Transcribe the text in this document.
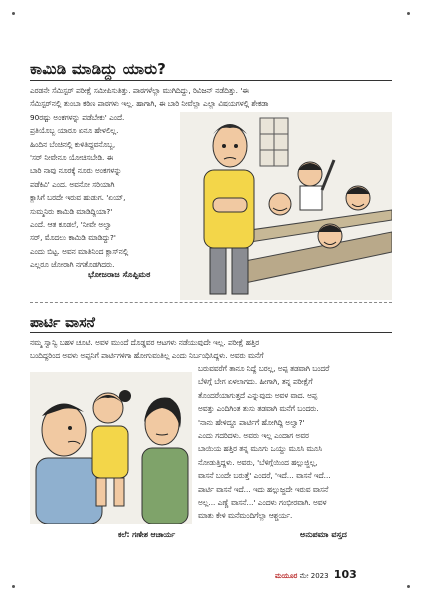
ಕಾಮಿಡಿ ಮಾಡಿದ್ದು ಯಾರು?
ಎರಡನೇ ಸೆಮಿಸ್ಟರ್ ಪರೀಕ್ಷೆ ಸಮೀಪಿಸುತಿತ್ತು. ಪಾಠಗಳೆಲ್ಲಾ ಮುಗಿದಿದ್ದು, ರಿವಿಜನ್ ನಡೆದಿತ್ತು. 'ಈ
ಸೆಮಿಸ್ಟರ್‌ನಲ್ಲಿ ತುಂಬಾ ಕಠಿಣ ಪಾಠಗಳು ಇಲ್ಲ. ಹಾಗಾಗಿ, ಈ ಬಾರಿ ನೀವೆಲ್ಲಾ ಎಲ್ಲಾ ವಿಷಯಗಳಲ್ಲಿ ಶೇಕಡಾ
90ರಷ್ಟು ಅಂಕಗಳನ್ನು ಪಡೆಬೇಕು' ಎಂದೆ.
ಪ್ರತಿಯೊಬ್ಬ ಯಾರೂ ಏನೂ ಹೇಳಲಿಲ್ಲ.
ಹಿಂದಿನ ಬೆಂಚಿನಲ್ಲಿ ಕುಳಿತಿದ್ದವನೊಬ್ಬ,
'ಸರ್ ನೀವೇನೂ ಯೋಚಿಸಬೇಡಿ. ಈ
ಬಾರಿ ನಾವು ನೂರಕ್ಕೆ ನೂರು ಅಂಕಗಳನ್ನು
ಪಡೆಕಿವಿ' ಎಂದ. ಅವನೋ ಸರಿಯಾಗಿ
ಕ್ಲಾಸಿಗೆ ಬರದೇ ಇರುವ ಹುಡುಗ. 'ಏಯ್,
ಸುಮ್ಮನಿರು ಕಾಮಿಡಿ ಮಾಡಿದ್ದಿಯಾ?'
ಎಂದೆ. ಆತ ಕೂಡಲೆ, 'ನೀವೇ ಅಲ್ವಾ
ಸರ್, ಮೊದಲು ಕಾಮಿಡಿ ಮಾಡಿದ್ದು?'
ಎಂದು ಬಿಟ್ಟ. ಅವನ ಮಾತಿನಿಂದ ಕ್ಲಾಸ್‌ನಲ್ಲಿ
ಎಲ್ಲರೂ ಜೋರಾಗಿ ನಗತೊಡಗಿದರು.
ಭೋಜರಾಜ ಸೊಪ್ಪಿಮಠ
ಪಾರ್ಟಿ ವಾಸನೆ
ನಮ್ಮ ಸ್ವಾನ್ವಿ ಬಹಳ ಚೂಟಿ. ಅವಳ ಮುಂದೆ ದೊಡ್ಡವರ ಆಟಗಳು ನಡೆಯುವುದೇ ಇಲ್ಲ. ಪರೀಕ್ಷೆ ಹತ್ತಿರ
ಬಂದಿದ್ದರಿಂದ ಅವಳು ಅಪ್ಪನಿಗೆ ಪಾರ್ಟಿಗಳಿಗಾ ಹೋಗುವಂತಿಲ್ಲ ಎಂದು ನಿರ್ಬಂಧಿಸಿದ್ದಳು. ಅವರು ಮನೆಗೆ
ಬರುವವರೆಗೆ ತಾನೂ ನಿದ್ದೆ ಬರಲ್ಲ, ಅಪ್ಪ ತಡವಾಗಿ ಬಂದರೆ
ಬೆಳಿಗ್ಗೆ ಬೇಗ ಏಳಲಾಗದು. ಹೀಗಾಗಿ, ತನ್ನ ಪರೀಕ್ಷೆಗೆ
ತೊಂದರೆಯಾಗುತ್ತದೆ ಎನ್ನುವುದು ಅವಳ ವಾದ. ಅಪ್ಪ
ಅವತ್ತು ಎಂದಿಗಿಂತ ತುಸು ತಡವಾಗಿ ಮನೆಗೆ ಬಂದರು.
'ನಾನು ಹೇಳಿದ್ದೂ ಪಾರ್ಟಿಗೆ ಹೋಗಿದ್ದಿ ಅಲ್ವಾ?'
ಎಂದು ಗದರಿದಳು. ಅವರು ಇಲ್ಲ ಎಂದಾಗ ಅವರ
ಬಾಯಿಯ ಹತ್ತಿರ ತನ್ನ ಮೂಗು ಒಯ್ದು ಮೂಸಿ ಮೂಸಿ
ನೋಡುತ್ತಿದ್ದಳು. ಅವರು, 'ಬೆಳಿಗ್ಗೆಯಿಂದ ಹಲ್ಲುಜ್ಜಿಲ್ಲ,
ವಾಸನೆ ಬಂದೇ ಬರುತ್ತೆ' ಎಂದರೆ, 'ಇದೆ... ವಾಸನೆ ಇದೆ...
ಪಾರ್ಟಿ ವಾಸನೆ ಇದೆ... ಇದು ಹಲ್ಲುಜ್ಜದೇ ಇರುವ ವಾಸನೆ
ಅಲ್ಲ... ಎಣ್ಣೆ ವಾಸನೆ...' ಎಂದಳು ಗಂಭೀರವಾಗಿ. ಅವಳ
ಮಾತು ಕೇಳಿ ಮನೆಮಂದಿಗೆಲ್ಲಾ ಆಶ್ಚರ್ಯ.
ಅನುಪಮಾ ವಸ್ತದ
ಕಲೆ: ಗಣೇಶ ಆಚಾರ್ಯ
ಮಯೂರ ಮೇ 2023 103
